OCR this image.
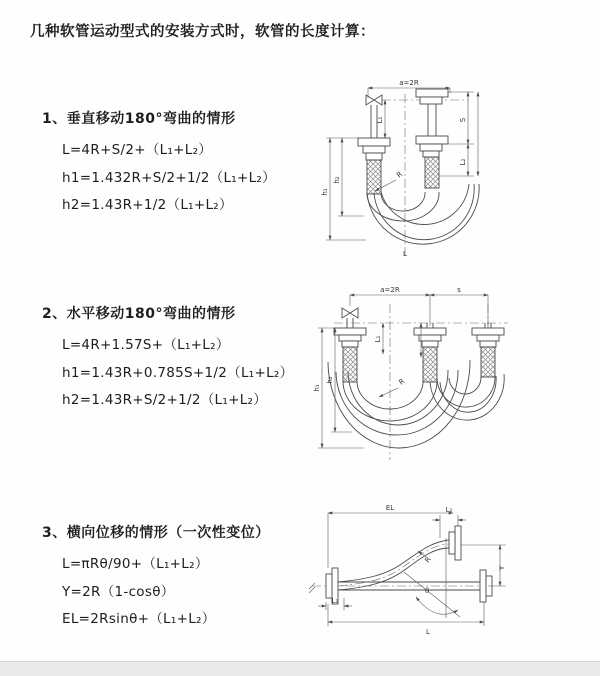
几种软管运动型式的安装方式时，软管的长度计算：
1、垂直移动180°弯曲的情形

L=4R+S/2+（L₁+L₂）

h1=1.432R+S/2+1/2（L₁+L₂）

h2=1.43R+1/2（L₁+L₂）

2、水平移动180°弯曲的情形

L=4R+1.57S+（L₁+L₂）

h1=1.43R+0.785S+1/2（L₁+L₂）

h2=1.43R+S/2+1/2（L₁+L₂）

3、横向位移的情形（一次性变位）

L=πRθ/90+（L₁+L₂）

Y=2R（1-cosθ）

EL=2Rsinθ+（L₁+L₂）

a=2R
L₁	S
L₂
h₁
h₂
R
L
a=2R	s
L₁
h₁
h₂	R
EL	L₂
Y
θ
R
L₁
L
